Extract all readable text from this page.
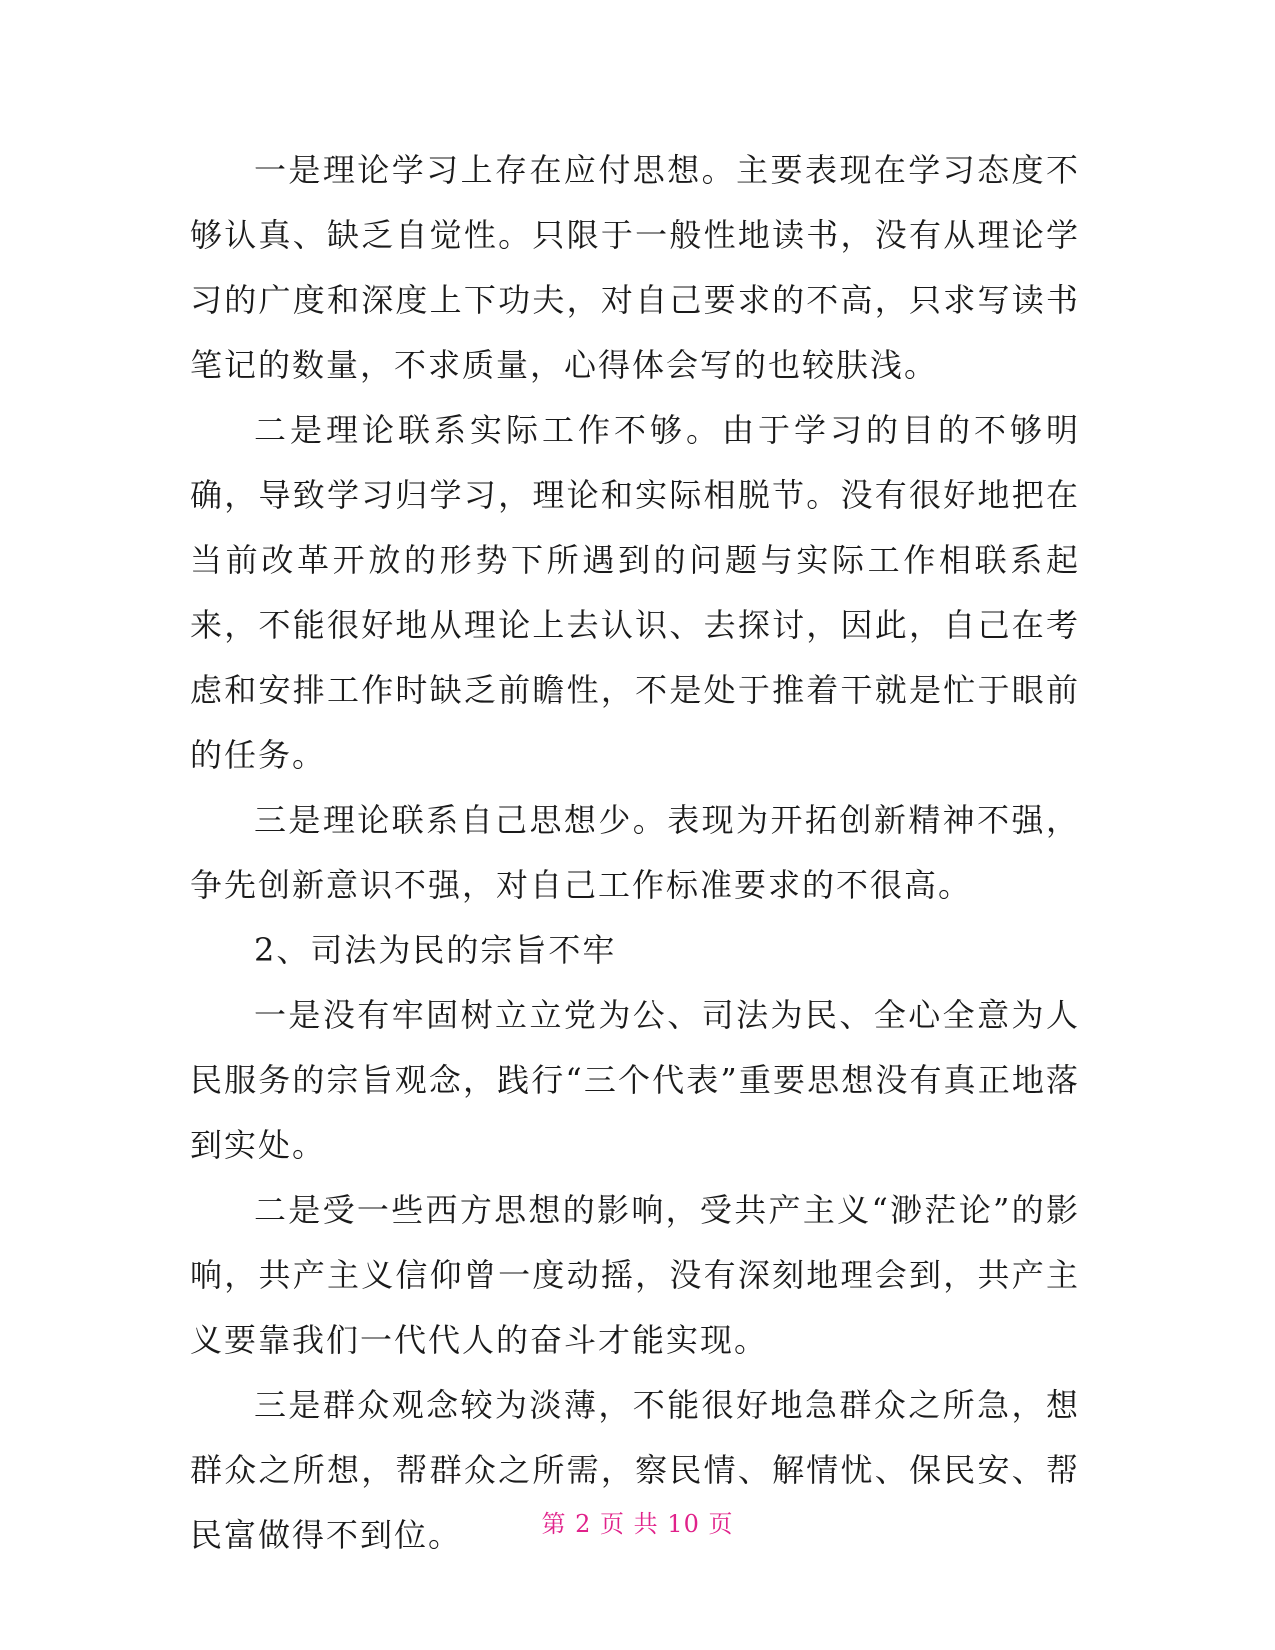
一是理论学习上存在应付思想。主要表现在学习态度不够认真、缺乏自觉性。只限于一般性地读书，没有从理论学习的广度和深度上下功夫，对自己要求的不高，只求写读书笔记的数量，不求质量，心得体会写的也较肤浅。

二是理论联系实际工作不够。由于学习的目的不够明确，导致学习归学习，理论和实际相脱节。没有很好地把在当前改革开放的形势下所遇到的问题与实际工作相联系起来，不能很好地从理论上去认识、去探讨，因此，自己在考虑和安排工作时缺乏前瞻性，不是处于推着干就是忙于眼前的任务。

三是理论联系自己思想少。表现为开拓创新精神不强，争先创新意识不强，对自己工作标准要求的不很高。

2、司法为民的宗旨不牢

一是没有牢固树立立党为公、司法为民、全心全意为人民服务的宗旨观念，践行“三个代表”重要思想没有真正地落到实处。

二是受一些西方思想的影响，受共产主义“渺茫论”的影响，共产主义信仰曾一度动摇，没有深刻地理会到，共产主义要靠我们一代代人的奋斗才能实现。

三是群众观念较为淡薄，不能很好地急群众之所急，想群众之所想，帮群众之所需，察民情、解情忧、保民安、帮民富做得不到位。	第 2 页 共 10 页
